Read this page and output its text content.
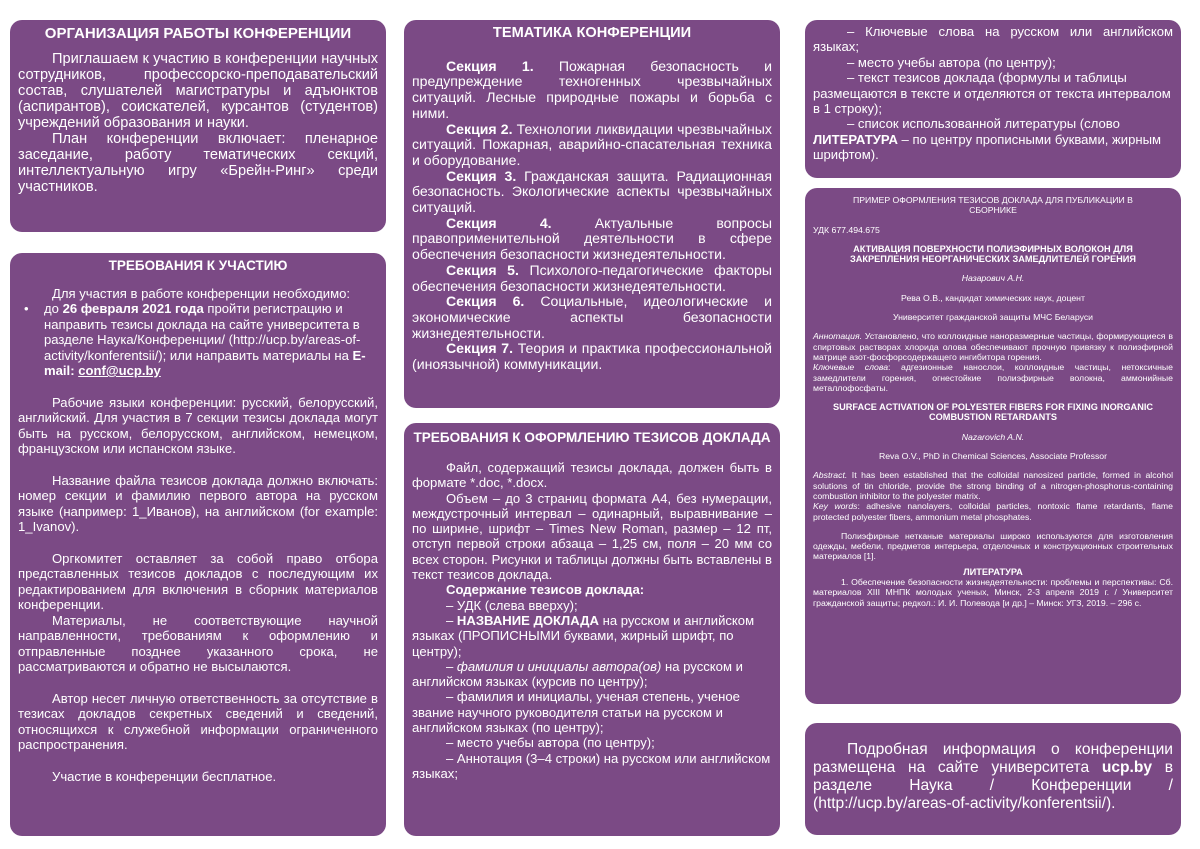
ОРГАНИЗАЦИЯ РАБОТЫ КОНФЕРЕНЦИИ

Приглашаем к участию в конференции научных сотрудников, профессорско-преподавательский состав, слушателей магистратуры и адъюнктов (аспирантов), соискателей, курсантов (студентов) учреждений образования и науки.

План конференции включает: пленарное заседание, работу тематических секций, интеллектуальную игру «Брейн-Ринг» среди участников.

ТРЕБОВАНИЯ К УЧАСТИЮ

Для участия в работе конференции необходимо:

• до 26 февраля 2021 года пройти регистрацию и направить тезисы доклада на сайте университета в разделе Наука/Конференции/ (http://ucp.by/areas-of-activity/konferentsii/); или направить материалы на E-mail: conf@ucp.by

Рабочие языки конференции: русский, белорусский, английский. Для участия в 7 секции тезисы доклада могут быть на русском, белорусском, английском, немецком, французском или испанском языке.

Название файла тезисов доклада должно включать: номер секции и фамилию первого автора на русском языке (например: 1_Иванов), на английском (for example: 1_Ivanov).

Оргкомитет оставляет за собой право отбора представленных тезисов докладов с последующим их редактированием для включения в сборник материалов конференции.

Материалы, не соответствующие научной направленности, требованиям к оформлению и отправленные позднее указанного срока, не рассматриваются и обратно не высылаются.

Автор несет личную ответственность за отсутствие в тезисах докладов секретных сведений и сведений, относящихся к служебной информации ограниченного распространения.

Участие в конференции бесплатное.

ТЕМАТИКА КОНФЕРЕНЦИИ

Секция 1. Пожарная безопасность и предупреждение техногенных чрезвычайных ситуаций. Лесные природные пожары и борьба с ними.

Секция 2. Технологии ликвидации чрезвычайных ситуаций. Пожарная, аварийно-спасательная техника и оборудование.

Секция 3. Гражданская защита. Радиационная безопасность. Экологические аспекты чрезвычайных ситуаций.

Секция 4. Актуальные вопросы правоприменительной деятельности в сфере обеспечения безопасности жизнедеятельности.

Секция 5. Психолого-педагогические факторы обеспечения безопасности жизнедеятельности.

Секция 6. Социальные, идеологические и экономические аспекты безопасности жизнедеятельности.

Секция 7. Теория и практика профессиональной (иноязычной) коммуникации.

ТРЕБОВАНИЯ К ОФОРМЛЕНИЮ ТЕЗИСОВ ДОКЛАДА

Файл, содержащий тезисы доклада, должен быть в формате *.doc, *.docx.

Объем – до 3 страниц формата А4, без нумерации, междустрочный интервал – одинарный, выравнивание – по ширине, шрифт – Times New Roman, размер – 12 пт, отступ первой строки абзаца – 1,25 см, поля – 20 мм со всех сторон. Рисунки и таблицы должны быть вставлены в текст тезисов доклада.

Содержание тезисов доклада:

– УДК (слева вверху);

– НАЗВАНИЕ ДОКЛАДА на русском и английском языках (ПРОПИСНЫМИ буквами, жирный шрифт, по центру);

– фамилия и инициалы автора(ов) на русском и английском языках (курсив по центру);

– фамилия и инициалы, ученая степень, ученое звание научного руководителя статьи на русском и английском языках (по центру);

– место учебы автора (по центру);

– Аннотация (3–4 строки) на русском или английском языках;

– Ключевые слова на русском или английском языках;

– место учебы автора (по центру);

– текст тезисов доклада (формулы и таблицы размещаются в тексте и отделяются от текста интервалом в 1 строку);

– список использованной литературы (слово ЛИТЕРАТУРА – по центру прописными буквами, жирным шрифтом).

ПРИМЕР ОФОРМЛЕНИЯ ТЕЗИСОВ ДОКЛАДА ДЛЯ ПУБЛИКАЦИИ В СБОРНИКЕ

УДК 677.494.675

АКТИВАЦИЯ ПОВЕРХНОСТИ ПОЛИЭФИРНЫХ ВОЛОКОН ДЛЯ ЗАКРЕПЛЕНИЯ НЕОРГАНИЧЕСКИХ ЗАМЕДЛИТЕЛЕЙ ГОРЕНИЯ

Назарович А.Н.

Рева О.В., кандидат химических наук, доцент

Университет гражданской защиты МЧС Беларуси

Аннотация. Установлено, что коллоидные наноразмерные частицы, формирующиеся в спиртовых растворах хлорида олова обеспечивают прочную привязку к полиэфирной матрице азот-фосфорсодержащего ингибитора горения.

Ключевые слова: адгезионные нанослои, коллоидные частицы, нетоксичные замедлители горения, огнестойкие полиэфирные волокна, аммонийные металлофосфаты.

SURFACE ACTIVATION OF POLYESTER FIBERS FOR FIXING INORGANIC COMBUSTION RETARDANTS

Nazarovich A.N.

Reva O.V., PhD in Chemical Sciences, Associate Professor

Abstract. It has been established that the colloidal nanosized particle, formed in alcohol solutions of tin chloride, provide the strong binding of a nitrogen-phosphorus-containing combustion inhibitor to the polyester matrix.

Key words: adhesive nanolayers, colloidal particles, nontoxic flame retardants, flame protected polyester fibers, ammonium metal phosphates.

Полиэфирные нетканые материалы широко используются для изготовления одежды, мебели, предметов интерьера, отделочных и конструкционных строительных материалов [1].

ЛИТЕРАТУРА

1. Обеспечение безопасности жизнедеятельности: проблемы и перспективы: Сб. материалов XIII МНПК молодых ученых, Минск, 2-3 апреля 2019 г. / Университет гражданской защиты; редкол.: И. И. Полевода [и др.] – Минск: УГЗ, 2019. – 296 с.

Подробная информация о конференции размещена на сайте университета ucp.by в разделе Наука / Конференции / (http://ucp.by/areas-of-activity/konferentsii/).
